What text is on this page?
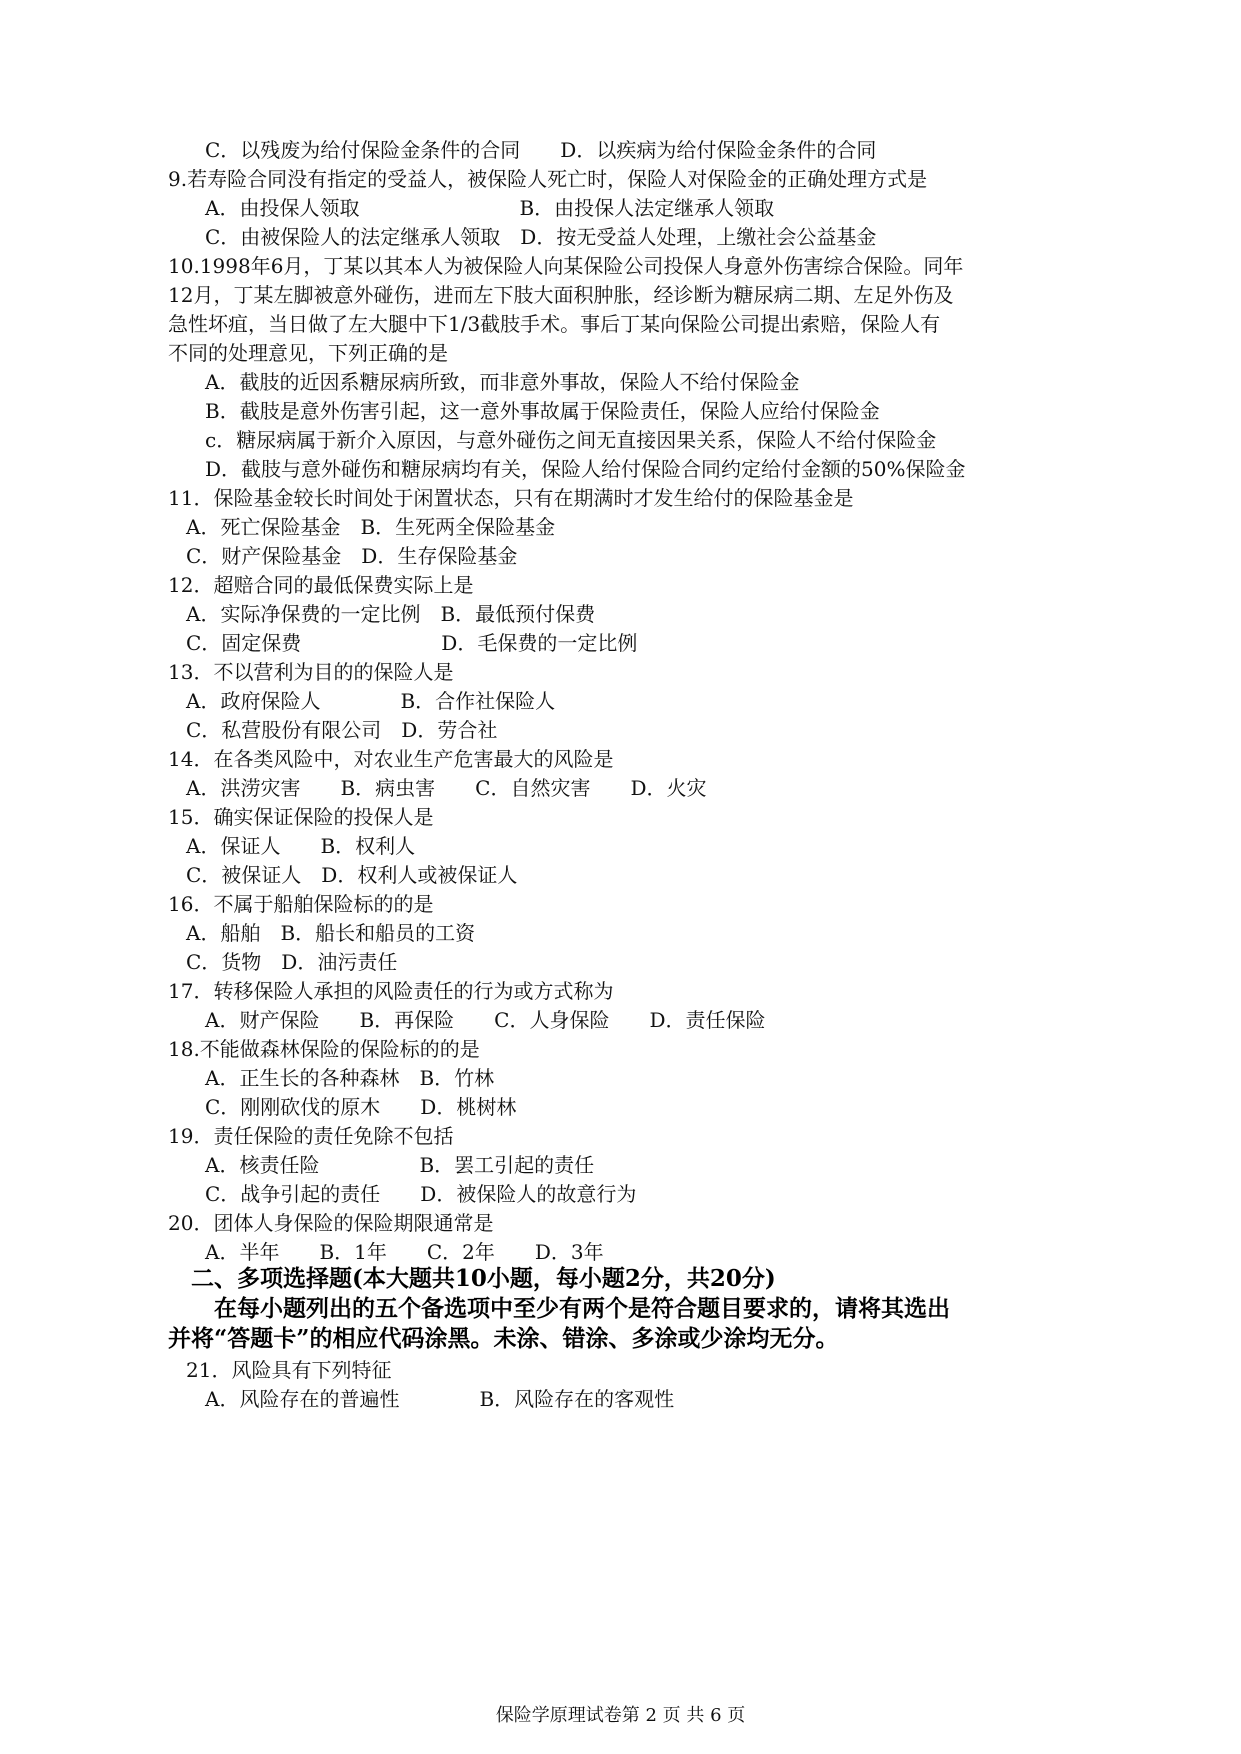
C．以残废为给付保险金条件的合同　　D．以疾病为给付保险金条件的合同
9.若寿险合同没有指定的受益人，被保险人死亡时，保险人对保险金的正确处理方式是
A．由投保人领取　　　　　　　　B．由投保人法定继承人领取
C．由被保险人的法定继承人领取　D．按无受益人处理，上缴社会公益基金
10.1998年6月，丁某以其本人为被保险人向某保险公司投保人身意外伤害综合保险。同年
12月，丁某左脚被意外碰伤，进而左下肢大面积肿胀，经诊断为糖尿病二期、左足外伤及
急性坏疽，当日做了左大腿中下1/3截肢手术。事后丁某向保险公司提出索赔，保险人有
不同的处理意见，下列正确的是
A．截肢的近因系糖尿病所致，而非意外事故，保险人不给付保险金
B．截肢是意外伤害引起，这一意外事故属于保险责任，保险人应给付保险金
c．糖尿病属于新介入原因，与意外碰伤之间无直接因果关系，保险人不给付保险金
D．截肢与意外碰伤和糖尿病均有关，保险人给付保险合同约定给付金额的50%保险金
11．保险基金较长时间处于闲置状态，只有在期满时才发生给付的保险基金是
A．死亡保险基金　B．生死两全保险基金
C．财产保险基金　D．生存保险基金
12．超赔合同的最低保费实际上是
A．实际净保费的一定比例　B．最低预付保费
C．固定保费　　　　　　　D．毛保费的一定比例
13．不以营利为目的的保险人是
A．政府保险人　　　　B．合作社保险人
C．私营股份有限公司　D．劳合社
14．在各类风险中，对农业生产危害最大的风险是
A．洪涝灾害　　B．病虫害　　C．自然灾害　　D．火灾
15．确实保证保险的投保人是
A．保证人　　B．权利人
C．被保证人　D．权利人或被保证人
16．不属于船舶保险标的的是
A．船舶　B．船长和船员的工资
C．货物　D．油污责任
17．转移保险人承担的风险责任的行为或方式称为
A．财产保险　　B．再保险　　C．人身保险　　D．责任保险
18.不能做森林保险的保险标的的是
A．正生长的各种森林　B．竹林
C．刚刚砍伐的原木　　D．桃树林
19．责任保险的责任免除不包括
A．核责任险　　　　　B．罢工引起的责任
C．战争引起的责任　　D．被保险人的故意行为
20．团体人身保险的保险期限通常是
A．半年　　B．1年　　C．2年　　D．3年
二、多项选择题(本大题共10小题，每小题2分，共20分)
在每小题列出的五个备选项中至少有两个是符合题目要求的，请将其选出
并将“答题卡”的相应代码涂黑。未涂、错涂、多涂或少涂均无分。
21．风险具有下列特征
A．风险存在的普遍性　　　　B．风险存在的客观性
保险学原理试卷第 2 页 共 6 页
